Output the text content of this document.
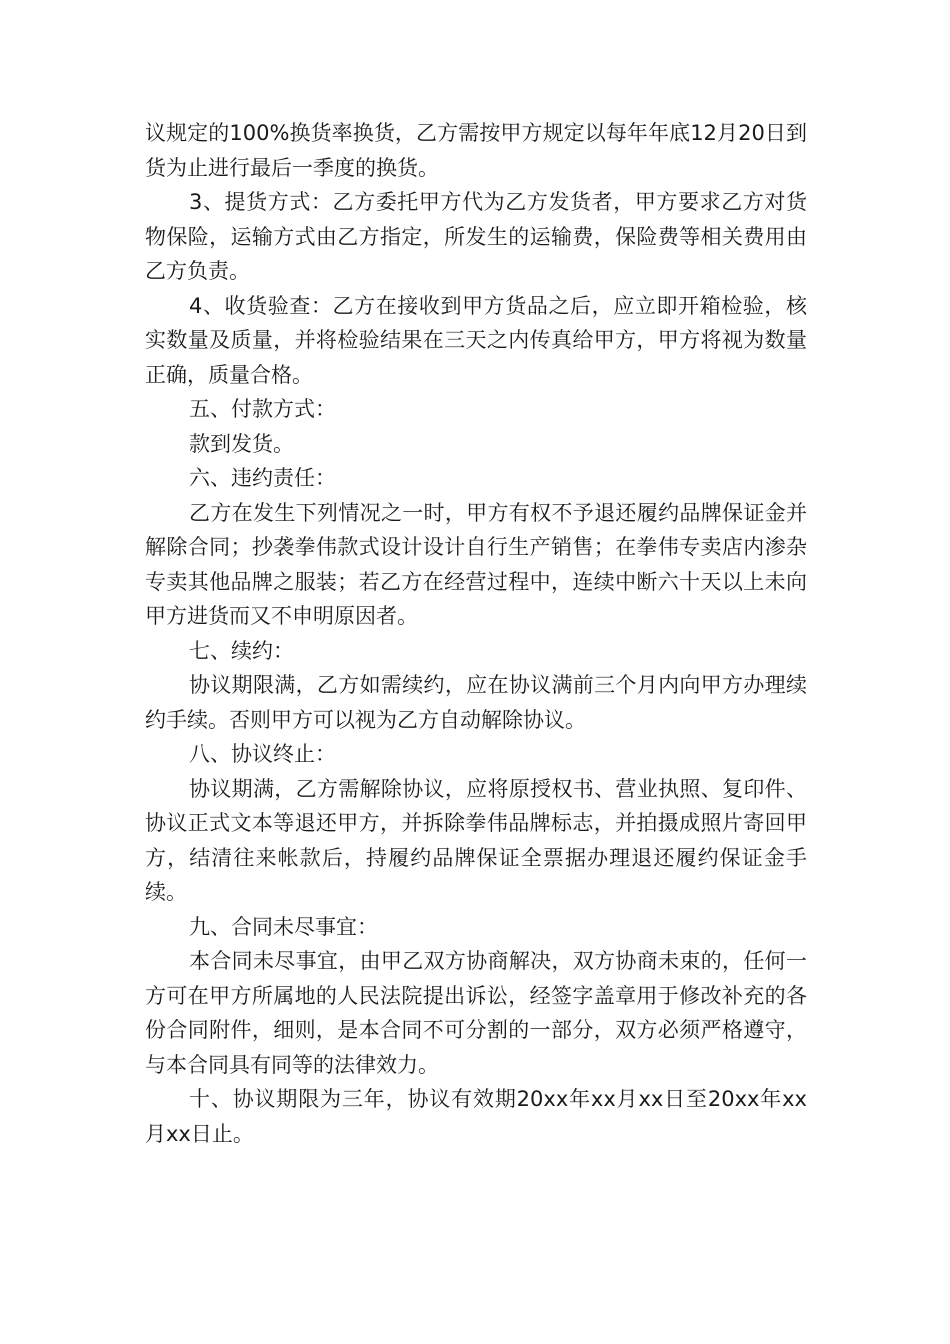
议规定的100%换货率换货，乙方需按甲方规定以每年年底12月20日到货为止进行最后一季度的换货。

3、提货方式：乙方委托甲方代为乙方发货者，甲方要求乙方对货物保险，运输方式由乙方指定，所发生的运输费，保险费等相关费用由乙方负责。

4、收货验查：乙方在接收到甲方货品之后，应立即开箱检验，核实数量及质量，并将检验结果在三天之内传真给甲方，甲方将视为数量正确，质量合格。

五、付款方式：

款到发货。

六、违约责任：

乙方在发生下列情况之一时，甲方有权不予退还履约品牌保证金并解除合同；抄袭拳伟款式设计设计自行生产销售；在拳伟专卖店内渗杂专卖其他品牌之服装；若乙方在经营过程中，连续中断六十天以上未向甲方进货而又不申明原因者。

七、续约：

协议期限满，乙方如需续约，应在协议满前三个月内向甲方办理续约手续。否则甲方可以视为乙方自动解除协议。

八、协议终止：

协议期满，乙方需解除协议，应将原授权书、营业执照、复印件、协议正式文本等退还甲方，并拆除拳伟品牌标志，并拍摄成照片寄回甲方，结清往来帐款后，持履约品牌保证全票据办理退还履约保证金手续。

九、合同未尽事宜：

本合同未尽事宜，由甲乙双方协商解决，双方协商未束的，任何一方可在甲方所属地的人民法院提出诉讼，经签字盖章用于修改补充的各份合同附件，细则，是本合同不可分割的一部分，双方必须严格遵守，与本合同具有同等的法律效力。

十、协议期限为三年，协议有效期20xx年xx月xx日至20xx年xx月xx日止。
